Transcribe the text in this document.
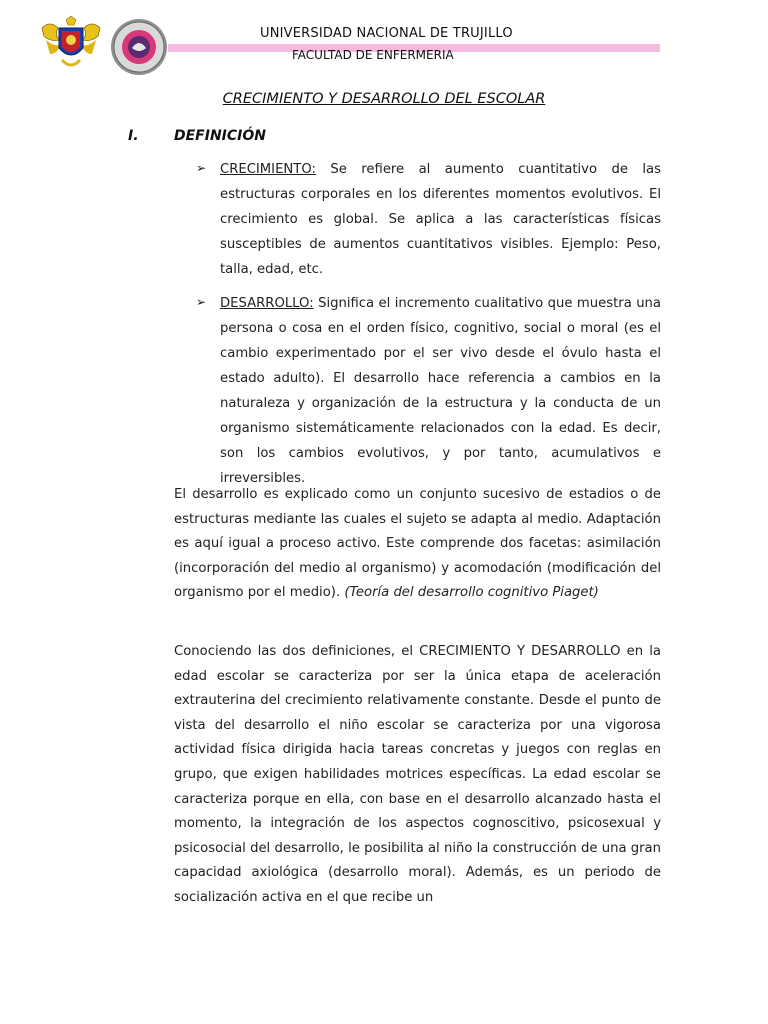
UNIVERSIDAD NACIONAL DE TRUJILLO
FACULTAD DE ENFERMERIA
CRECIMIENTO Y DESARROLLO DEL ESCOLAR
I.	DEFINICIÓN
➢ CRECIMIENTO: Se refiere al aumento cuantitativo de las estructuras corporales en los diferentes momentos evolutivos. El crecimiento es global. Se aplica a las características físicas susceptibles de aumentos cuantitativos visibles. Ejemplo: Peso, talla, edad, etc.
➢ DESARROLLO: Significa el incremento cualitativo que muestra una persona o cosa en el orden físico, cognitivo, social o moral (es el cambio experimentado por el ser vivo desde el óvulo hasta el estado adulto). El desarrollo hace referencia a cambios en la naturaleza y organización de la estructura y la conducta de un organismo sistemáticamente relacionados con la edad. Es decir, son los cambios evolutivos, y por tanto, acumulativos e irreversibles.
El desarrollo es explicado como un conjunto sucesivo de estadios o de estructuras mediante las cuales el sujeto se adapta al medio. Adaptación es aquí igual a proceso activo. Este comprende dos facetas: asimilación (incorporación del medio al organismo) y acomodación (modificación del organismo por el medio). (Teoría del desarrollo cognitivo Piaget)
Conociendo las dos definiciones, el CRECIMIENTO Y DESARROLLO en la edad escolar se caracteriza por ser la única etapa de aceleración extrauterina del crecimiento relativamente constante. Desde el punto de vista del desarrollo el niño escolar se caracteriza por una vigorosa actividad física dirigida hacia tareas concretas y juegos con reglas en grupo, que exigen habilidades motrices específicas. La edad escolar se caracteriza porque en ella, con base en el desarrollo alcanzado hasta el momento, la integración de los aspectos cognoscitivo, psicosexual y psicosocial del desarrollo, le posibilita al niño la construcción de una gran capacidad axiológica (desarrollo moral). Además, es un periodo de socialización activa en el que recibe un
